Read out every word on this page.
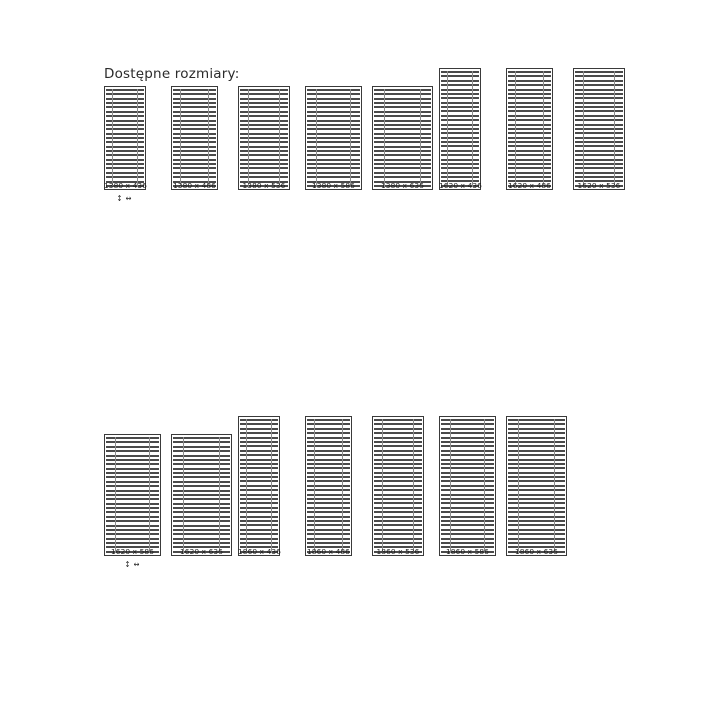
Dostępne rozmiary:
1380 x 436
↕↔
1380 x 486	1380 x 536	1380 x 586	1380 x 636	1620 x 436	1620 x 486	1620 x 536
1620 x 586
↕↔
1620 x 636	1860 x 436	1860 x 486	1860 x 536	1860 x 586	1860 x 636
